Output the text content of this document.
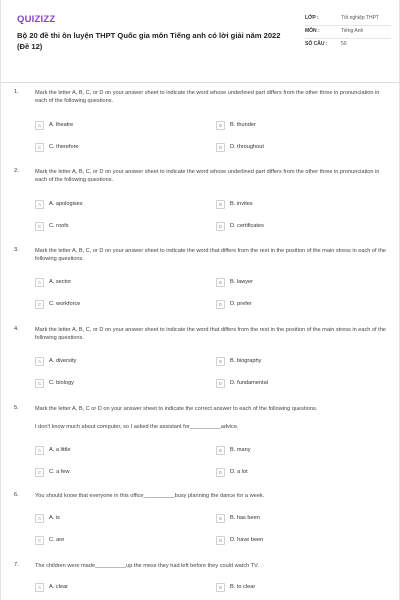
QUIZIZZ
Bộ 20 đề thi ôn luyện THPT Quốc gia môn Tiếng anh có lời giải năm 2022 (Đề 12)
LỚP :	Tốt nghiệp THPT
MÔN :	Tiếng Anh
SỐ CÂU :	50
1.	Mark the letter A, B, C, or D on your answer sheet to indicate the word whose underlined part differs from the other three in pronunciation in each of the following questions.
A	A. theatre	B	B. thunder
C	C. therefore	D	D. throughout
2.	Mark the letter A, B, C, or D on your answer sheet to indicate the word whose underlined part differs from the other three in pronunciation in each of the following questions.
A	A. apologises	B	B. invites
C	C. roofs	D	D. certificates
3.	Mark the letter A, B, C, or D on your answer sheet to indicate the word that differs from the rest in the position of the main stress in each of the following questions.
A	A. sector	B	B. lawyer
C	C. workforce	D	D. prefer
4.	Mark the letter A, B, C, or D on your answer sheet to indicate the word that differs from the rest in the position of the main stress in each of the following questions.
A	A. diversity	B	B. biography
C	C. biology	D	D. fundamental
5.	Mark the letter A, B, C or D on your answer sheet to indicate the correct answer to each of the following questions.
I don't know much about computer, so I asked the assistant for__________advice.
A	A. a little	B	B. many
C	C. a few	D	D. a lot
6.	You should know that everyone in this office__________busy planning the dance for a week.
A	A. is	B	B. has been
C	C. are	D	D. have been
7.	The children were made__________up the mess they had left before they could watch TV.
A	A. clear	B	B. to clear
